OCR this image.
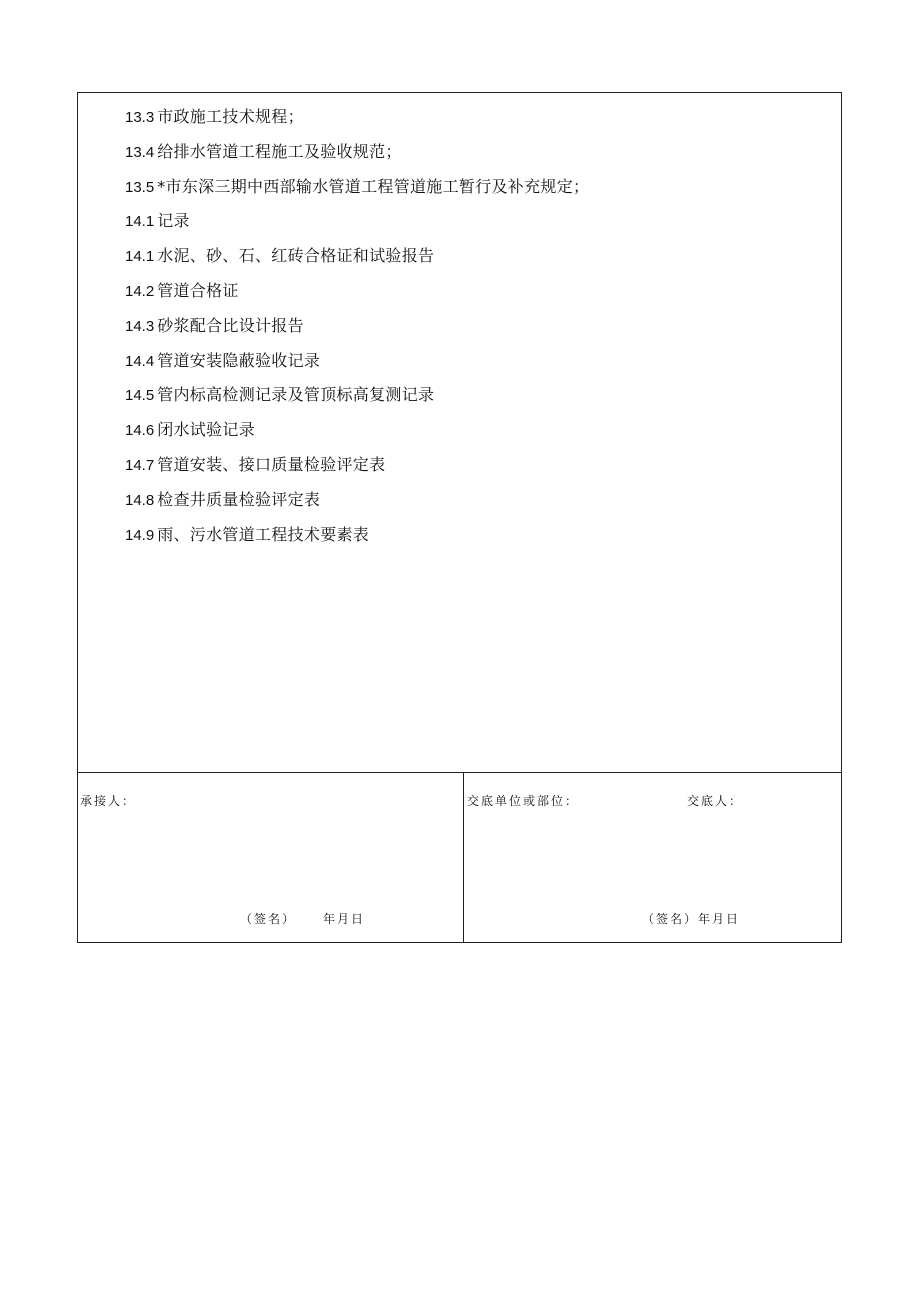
13.3 市政施工技术规程；
13.4 给排水管道工程施工及验收规范；
13.5 *市东深三期中西部输水管道工程管道施工暂行及补充规定；
14.1 记录
14.1 水泥、砂、石、红砖合格证和试验报告
14.2 管道合格证
14.3 砂浆配合比设计报告
14.4 管道安装隐蔽验收记录
14.5 管内标高检测记录及管顶标高复测记录
14.6 闭水试验记录
14.7 管道安装、接口质量检验评定表
14.8 检查井质量检验评定表
14.9 雨、污水管道工程技术要素表
承接人：
（签名） 年月日
交底单位或部位：	交底人：
（签名）年月日
